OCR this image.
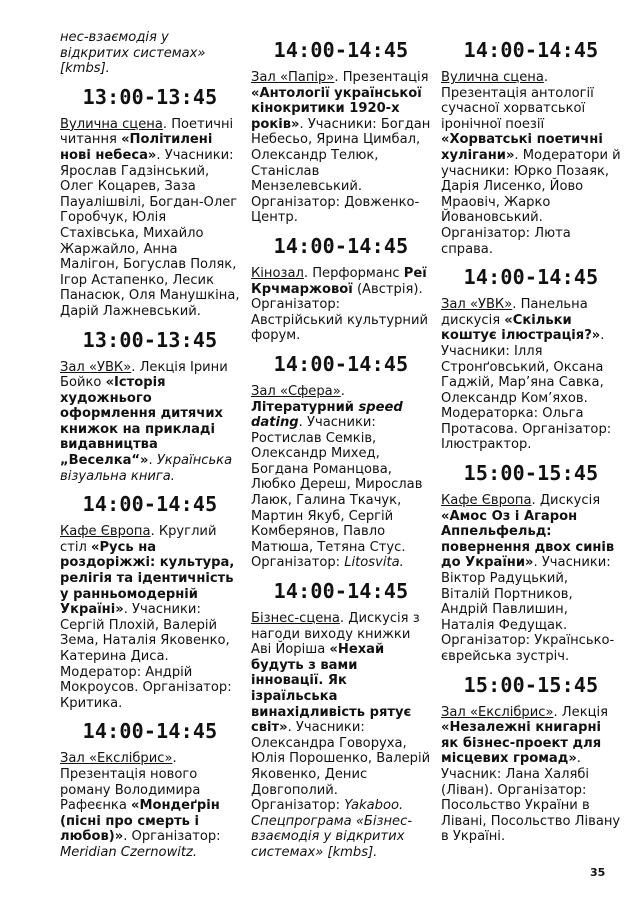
нес-взаємодія у відкритих системах» [kmbs].

13:00-13:45

Вулична сцена. Поетичні читання «Політилені нові небеса». Учасники: Ярослав Гадзінський, Олег Коцарев, Заза Пауалішвілі, Богдан-Олег Горобчук, Юлія Стахівська, Михайло Жаржайло, Анна Малігон, Богуслав Поляк, Ігор Астапенко, Лесик Панасюк, Оля Манушкіна, Дарій Лажневський.

13:00-13:45

Зал «УВК». Лекція Ірини Бойко «Історія художнього оформлення дитячих книжок на прикладі видавництва „Веселка“». Українська візуальна книга.

14:00-14:45

Кафе Європа. Круглий стіл «Русь на роздоріжжі: культура, релігія та ідентичність у ранньомодерній Україні». Учасники: Сергій Плохій, Валерій Зема, Наталія Яковенко, Катерина Диса. Модератор: Андрій Мокроусов. Організатор: Критика.

14:00-14:45

Зал «Екслібрис». Презентація нового роману Володимира Рафеєнка «Мондеґрін (пісні про смерть і любов)». Організатор: Meridian Czernowitz.

14:00-14:45

Зал «Папір». Презентація «Антології української кінокритики 1920-х років». Учасники: Богдан Небесьо, Ярина Цимбал, Олександр Телюк, Станіслав Мензелевський. Організатор: Довженко-Центр.

14:00-14:45

Кінозал. Перформанс Реї Крчмаржової (Австрія). Організатор: Австрійський культурний форум.

14:00-14:45

Зал «Сфера». Літературний speed dating. Учасники: Ростислав Семків, Олександр Михед, Богдана Романцова, Любко Дереш, Мирослав Лаюк, Галина Ткачук, Мартин Якуб, Сергій Комберянов, Павло Матюша, Тетяна Стус. Організатор: Litosvita.

14:00-14:45

Бізнес-сцена. Дискусія з нагоди виходу книжки Аві Йоріша «Нехай будуть з вами інновації. Як ізраїльська винахідливість рятує світ». Учасники: Олександра Говоруха, Юлія Порошенко, Валерій Яковенко, Денис Довгополий. Організатор: Yakaboo. Спецпрограма «Бізнес-взаємодія у відкритих системах» [kmbs].

14:00-14:45

Вулична сцена. Презентація антології сучасної хорватської іронічної поезії «Хорватські поетичні хулігани». Модератори й учасники: Юрко Позаяк, Дарія Лисенко, Йово Мраовіч, Жарко Йовановський. Організатор: Люта справа.

14:00-14:45

Зал «УВК». Панельна дискусія «Скільки коштує ілюстрація?». Учасники: Ілля Стронґовський, Оксана Гаджій, Мар’яна Савка, Олександр Ком’яхов. Модераторка: Ольга Протасова. Організатор: Ілюстрактор.

15:00-15:45

Кафе Європа. Дискусія «Амос Оз і Агарон Аппельфельд: повернення двох синів до України». Учасники: Віктор Радуцький, Віталій Портников, Андрій Павлишин, Наталія Федущак. Організатор: Українсько-єврейська зустріч.

15:00-15:45

Зал «Екслібрис». Лекція «Незалежні книгарні як бізнес-проект для місцевих громад». Учасник: Лана Халябі (Ліван). Організатор: Посольство України в Лівані, Посольство Лівану в Україні.

35
